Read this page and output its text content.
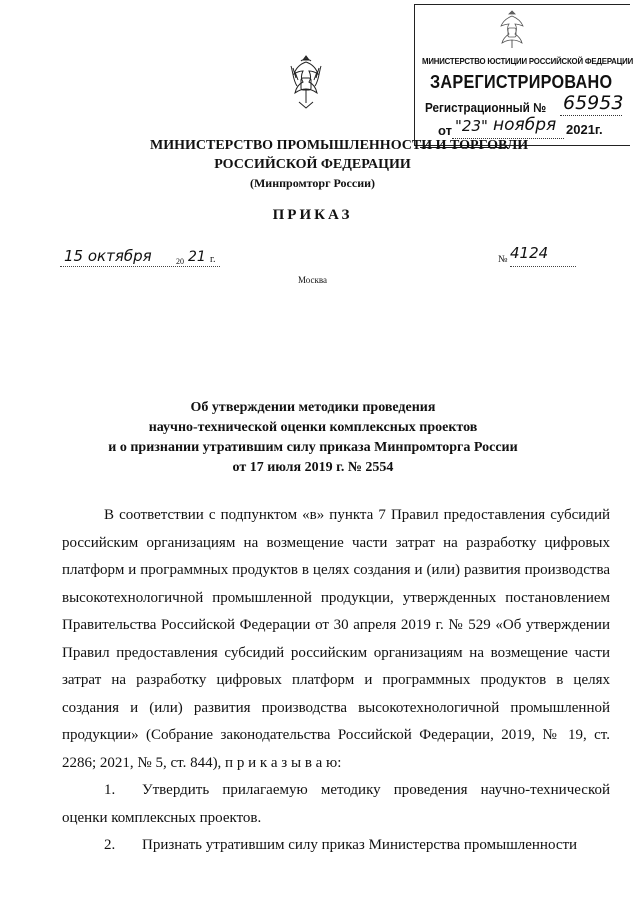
МИНИСТЕРСТВО ЮСТИЦИИ РОССИЙСКОЙ ФЕДЕРАЦИИ
ЗАРЕГИСТРИРОВАНО
Регистрационный № 65953
от "23" ноября 2021г.
МИНИСТЕРСТВО ПРОМЫШЛЕННОСТИ И ТОРГОВЛИ
РОССИЙСКОЙ ФЕДЕРАЦИИ
(Минпромторг России)
ПРИКАЗ
15 октября	20 21 г.	№ 4124
Москва
Об утверждении методики проведения
научно-технической оценки комплексных проектов
и о признании утратившим силу приказа Минпромторга России
от 17 июля 2019 г. № 2554

В соответствии с подпунктом «в» пункта 7 Правил предоставления субсидий российским организациям на возмещение части затрат на разработку цифровых платформ и программных продуктов в целях создания и (или) развития производства высокотехнологичной промышленной продукции, утвержденных постановлением Правительства Российской Федерации от 30 апреля 2019 г. № 529 «Об утверждении Правил предоставления субсидий российским организациям на возмещение части затрат на разработку цифровых платформ и программных продуктов в целях создания и (или) развития производства высокотехнологичной промышленной продукции» (Собрание законодательства Российской Федерации, 2019, № 19, ст. 2286; 2021, № 5, ст. 844), п р и к а з ы в а ю:

1. Утвердить прилагаемую методику проведения научно-технической оценки комплексных проектов.

2. Признать утратившим силу приказ Министерства промышленности
